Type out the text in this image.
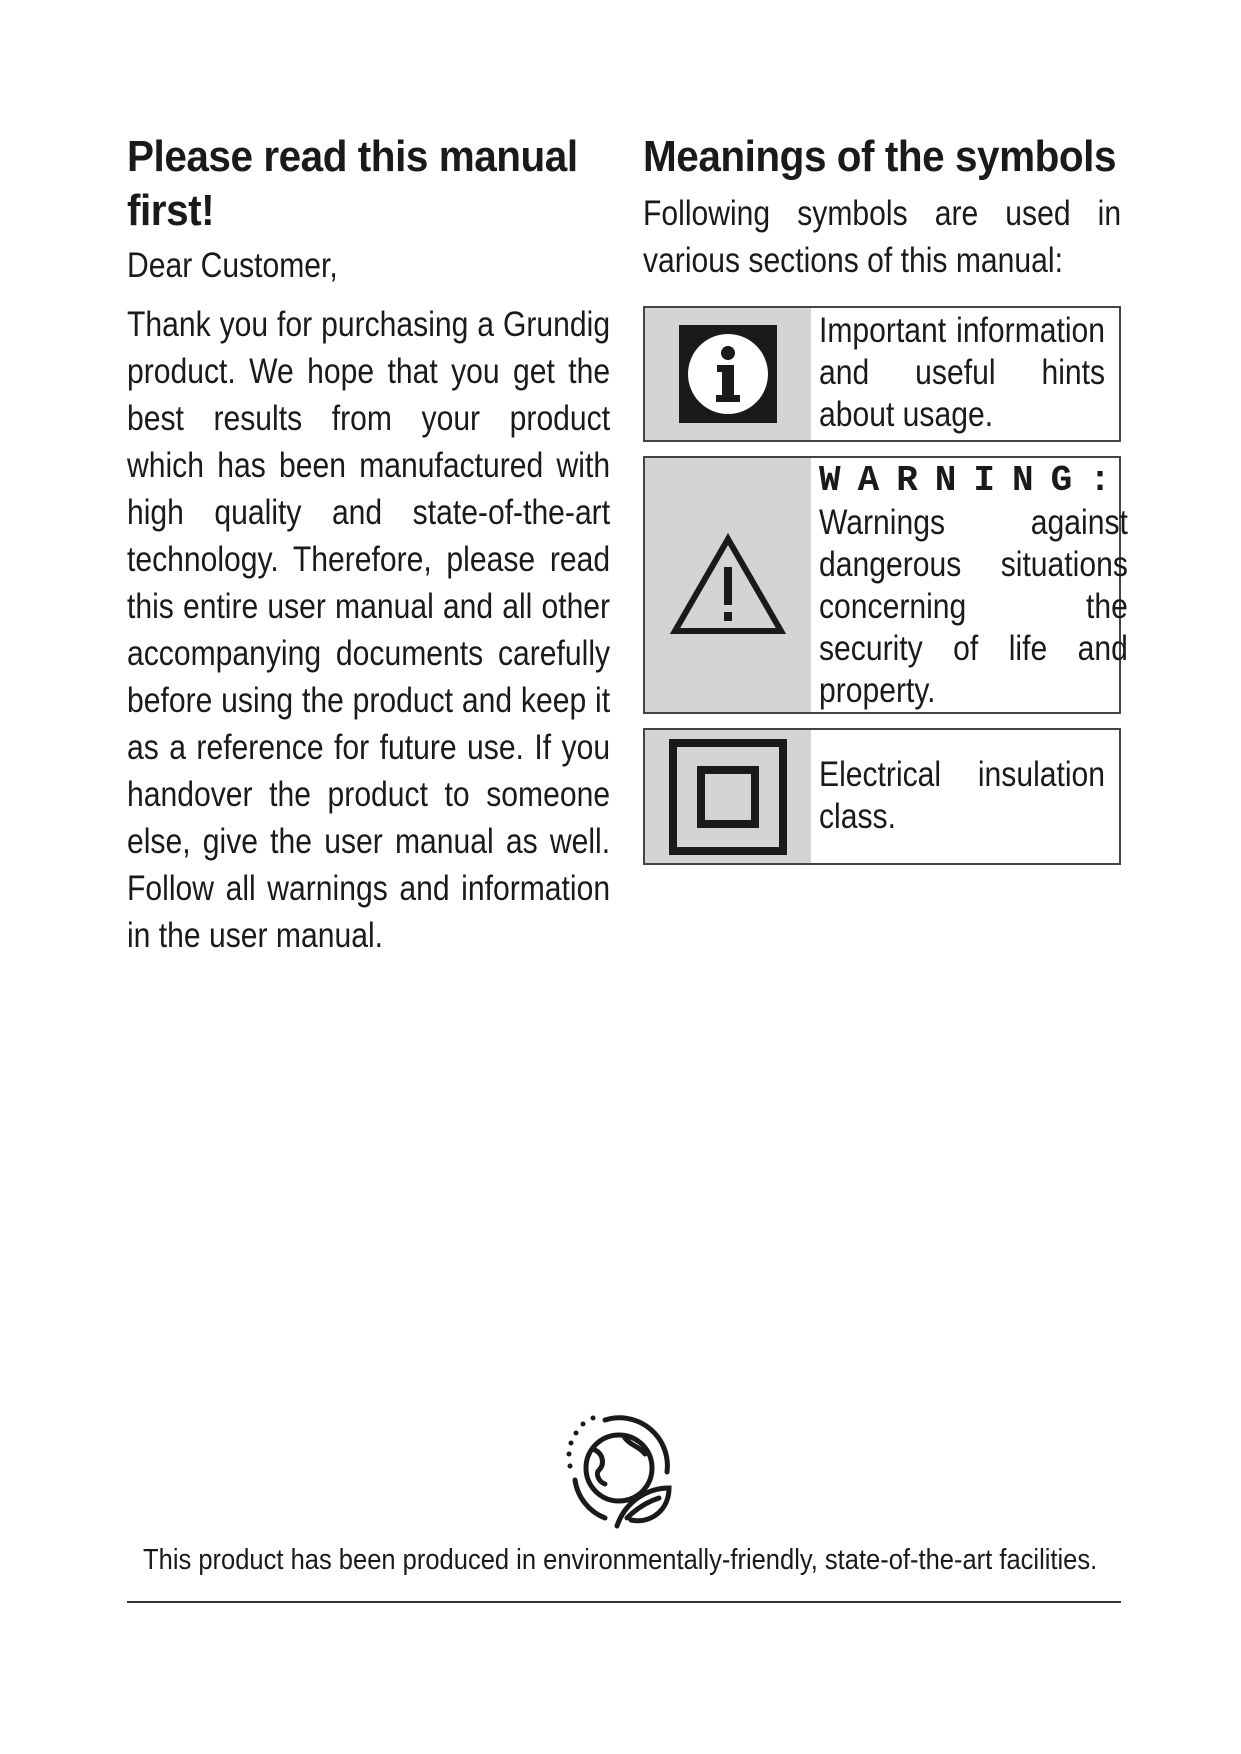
Please read this manual first!

Dear Customer,

Thank you for purchasing a Grundig product. We hope that you get the best results from your product which has been manufactured with high quality and state-of-the-art technology. Therefore, please read this entire user manual and all other accompanying documents carefully before using the product and keep it as a reference for future use. If you handover the product to someone else, give the user manual as well. Follow all warnings and information in the user manual.

Meanings of the symbols

Following symbols are used in various sections of this manual:

Important information and useful hints about usage.

WARNING:

Warnings against dangerous situations concerning the security of life and property.

Electrical insulation class.

This product has been produced in environmentally-friendly, state-of-the-art facilities.
